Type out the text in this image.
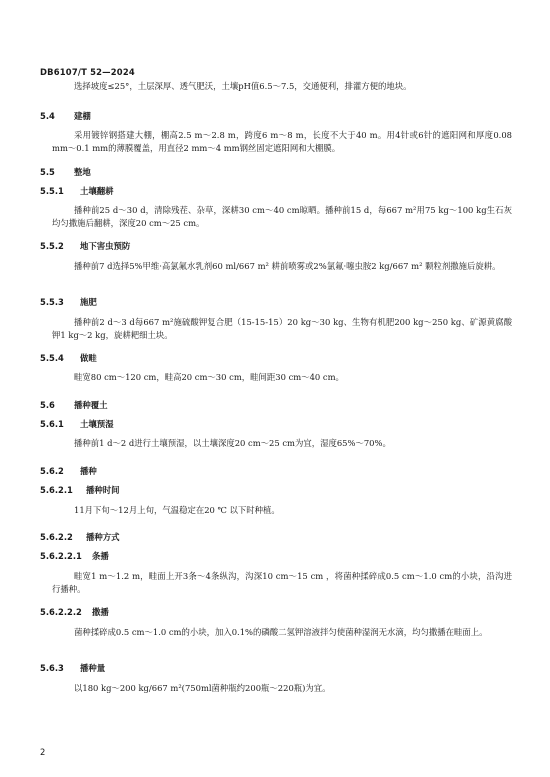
DB6107/T 52—2024

选择坡度≤25°，土层深厚、透气肥沃，土壤pH值6.5～7.5，交通便利，排灌方便的地块。

5.4 建棚

采用镀锌钢搭建大棚，棚高2.5 m～2.8 m，跨度6 m～8 m，长度不大于40 m。用4针或6针的遮阳网和厚度0.08 mm～0.1 mm的薄膜覆盖，用直径2 mm～4 mm钢丝固定遮阳网和大棚膜。

5.5 整地
5.5.1 土壤翻耕

播种前25 d～30 d，清除残茬、杂草，深耕30 cm～40 cm晾晒。播种前15 d，每667 m²用75 kg～100 kg生石灰均匀撒施后翻耕，深度20 cm～25 cm。

5.5.2 地下害虫预防

播种前7 d选择5%甲维·高氯氟水乳剂60 ml/667 m² 耕前喷雾或2%氯氟·噻虫胺2 kg/667 m² 颗粒剂撒施后旋耕。

5.5.3 施肥

播种前2 d～3 d每667 m²施硫酸钾复合肥（15-15-15）20 kg～30 kg、生物有机肥200 kg～250 kg、矿源黄腐酸钾1 kg～2 kg，旋耕耙细土块。

5.5.4 做畦

畦宽80 cm～120 cm，畦高20 cm～30 cm，畦间距30 cm～40 cm。

5.6 播种覆土
5.6.1 土壤预湿

播种前1 d～2 d进行土壤预湿，以土壤深度20 cm～25 cm为宜，湿度65%～70%。

5.6.2 播种
5.6.2.1 播种时间

11月下旬～12月上旬，气温稳定在20 ℃ 以下时种植。

5.6.2.2 播种方式
5.6.2.2.1 条播

畦宽1 m～1.2 m，畦面上开3条～4条纵沟，沟深10 cm～15 cm ，将菌种揉碎成0.5 cm～1.0 cm的小块，沿沟进行播种。

5.6.2.2.2 撒播

菌种揉碎成0.5 cm～1.0 cm的小块，加入0.1%的磷酸二氢钾溶液拌匀使菌种湿润无水滴，均匀撒播在畦面上。

5.6.3 播种量

以180 kg～200 kg/667 m²(750ml菌种瓶约200瓶～220瓶)为宜。

2
